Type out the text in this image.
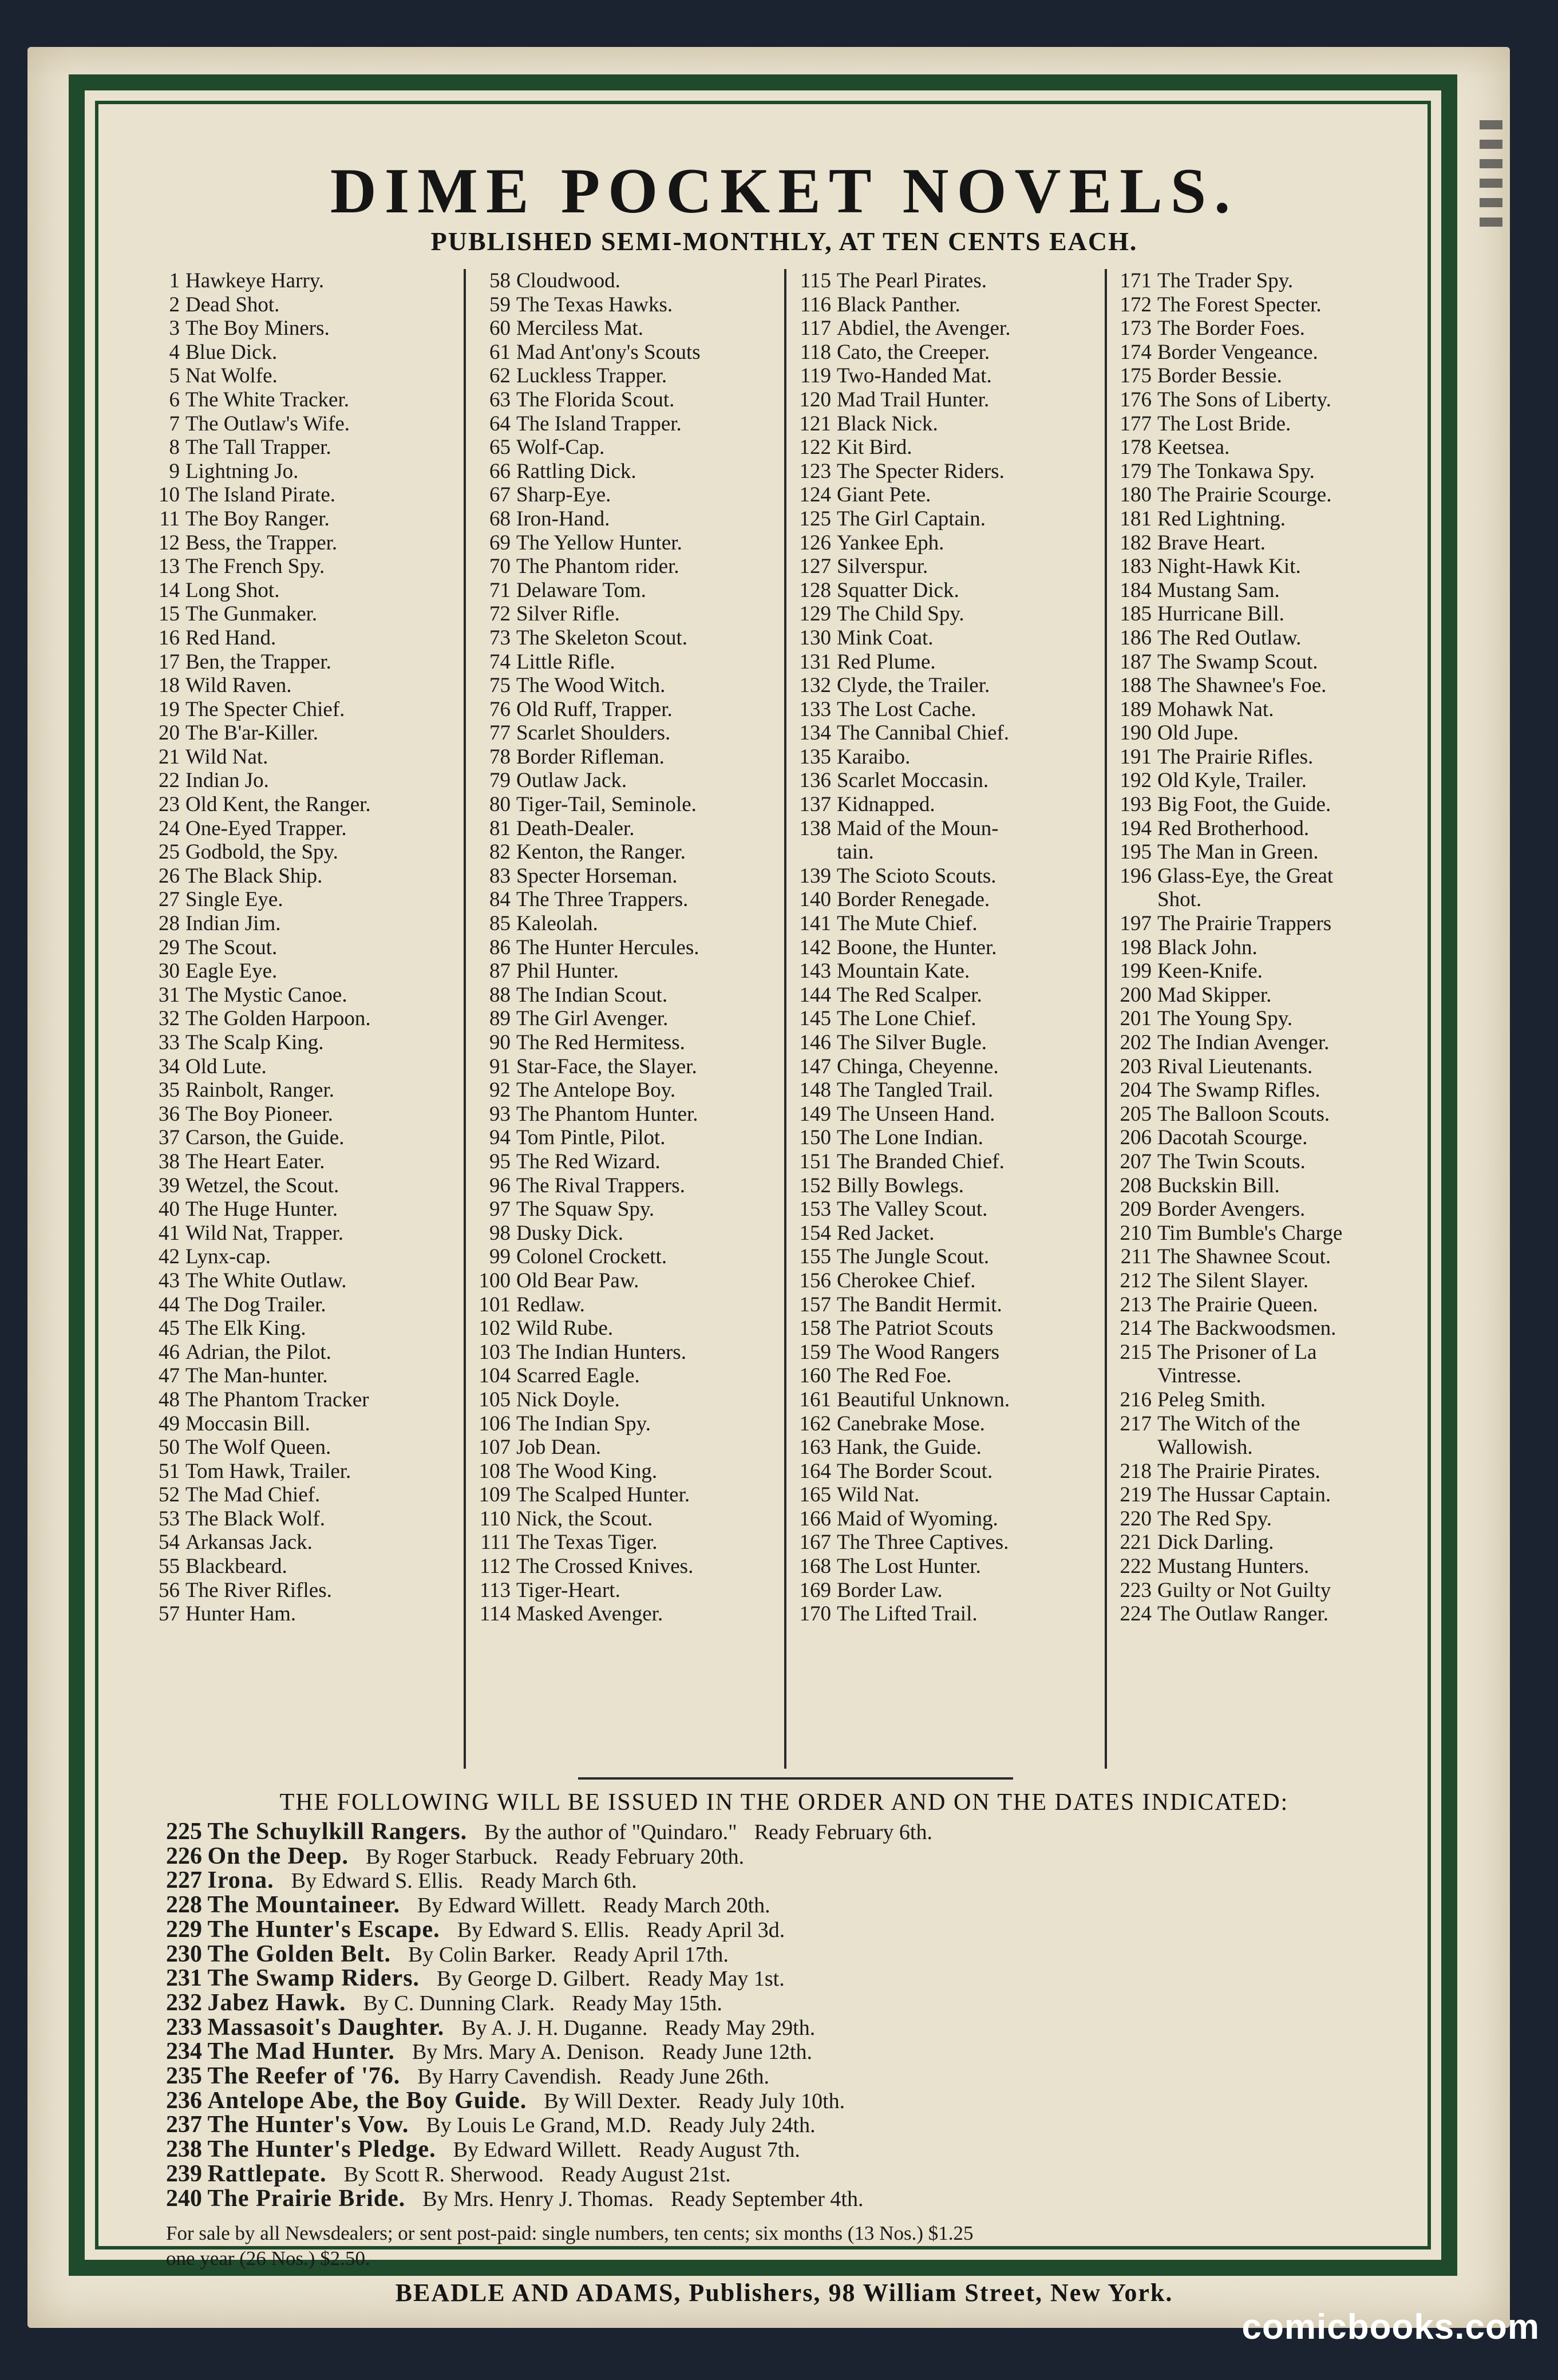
DIME POCKET NOVELS.
PUBLISHED SEMI-MONTHLY, AT TEN CENTS EACH.
1 Hawkeye Harry.
2 Dead Shot.
3 The Boy Miners.
4 Blue Dick.
5 Nat Wolfe.
6 The White Tracker.
7 The Outlaw's Wife.
8 The Tall Trapper.
9 Lightning Jo.
10 The Island Pirate.
11 The Boy Ranger.
12 Bess, the Trapper.
13 The French Spy.
14 Long Shot.
15 The Gunmaker.
16 Red Hand.
17 Ben, the Trapper.
18 Wild Raven.
19 The Specter Chief.
20 The B'ar-Killer.
21 Wild Nat.
22 Indian Jo.
23 Old Kent, the Ranger.
24 One-Eyed Trapper.
25 Godbold, the Spy.
26 The Black Ship.
27 Single Eye.
28 Indian Jim.
29 The Scout.
30 Eagle Eye.
31 The Mystic Canoe.
32 The Golden Harpoon.
33 The Scalp King.
34 Old Lute.
35 Rainbolt, Ranger.
36 The Boy Pioneer.
37 Carson, the Guide.
38 The Heart Eater.
39 Wetzel, the Scout.
40 The Huge Hunter.
41 Wild Nat, Trapper.
42 Lynx-cap.
43 The White Outlaw.
44 The Dog Trailer.
45 The Elk King.
46 Adrian, the Pilot.
47 The Man-hunter.
48 The Phantom Tracker
49 Moccasin Bill.
50 The Wolf Queen.
51 Tom Hawk, Trailer.
52 The Mad Chief.
53 The Black Wolf.
54 Arkansas Jack.
55 Blackbeard.
56 The River Rifles.
57 Hunter Ham.
58 Cloudwood.
59 The Texas Hawks.
60 Merciless Mat.
61 Mad Ant'ony's Scouts
62 Luckless Trapper.
63 The Florida Scout.
64 The Island Trapper.
65 Wolf-Cap.
66 Rattling Dick.
67 Sharp-Eye.
68 Iron-Hand.
69 The Yellow Hunter.
70 The Phantom rider.
71 Delaware Tom.
72 Silver Rifle.
73 The Skeleton Scout.
74 Little Rifle.
75 The Wood Witch.
76 Old Ruff, Trapper.
77 Scarlet Shoulders.
78 Border Rifleman.
79 Outlaw Jack.
80 Tiger-Tail, Seminole.
81 Death-Dealer.
82 Kenton, the Ranger.
83 Specter Horseman.
84 The Three Trappers.
85 Kaleolah.
86 The Hunter Hercules.
87 Phil Hunter.
88 The Indian Scout.
89 The Girl Avenger.
90 The Red Hermitess.
91 Star-Face, the Slayer.
92 The Antelope Boy.
93 The Phantom Hunter.
94 Tom Pintle, Pilot.
95 The Red Wizard.
96 The Rival Trappers.
97 The Squaw Spy.
98 Dusky Dick.
99 Colonel Crockett.
100 Old Bear Paw.
101 Redlaw.
102 Wild Rube.
103 The Indian Hunters.
104 Scarred Eagle.
105 Nick Doyle.
106 The Indian Spy.
107 Job Dean.
108 The Wood King.
109 The Scalped Hunter.
110 Nick, the Scout.
111 The Texas Tiger.
112 The Crossed Knives.
113 Tiger-Heart.
114 Masked Avenger.
115 The Pearl Pirates.
116 Black Panther.
117 Abdiel, the Avenger.
118 Cato, the Creeper.
119 Two-Handed Mat.
120 Mad Trail Hunter.
121 Black Nick.
122 Kit Bird.
123 The Specter Riders.
124 Giant Pete.
125 The Girl Captain.
126 Yankee Eph.
127 Silverspur.
128 Squatter Dick.
129 The Child Spy.
130 Mink Coat.
131 Red Plume.
132 Clyde, the Trailer.
133 The Lost Cache.
134 The Cannibal Chief.
135 Karaibo.
136 Scarlet Moccasin.
137 Kidnapped.
138 Maid of the Moun-
tain.
139 The Scioto Scouts.
140 Border Renegade.
141 The Mute Chief.
142 Boone, the Hunter.
143 Mountain Kate.
144 The Red Scalper.
145 The Lone Chief.
146 The Silver Bugle.
147 Chinga, Cheyenne.
148 The Tangled Trail.
149 The Unseen Hand.
150 The Lone Indian.
151 The Branded Chief.
152 Billy Bowlegs.
153 The Valley Scout.
154 Red Jacket.
155 The Jungle Scout.
156 Cherokee Chief.
157 The Bandit Hermit.
158 The Patriot Scouts
159 The Wood Rangers
160 The Red Foe.
161 Beautiful Unknown.
162 Canebrake Mose.
163 Hank, the Guide.
164 The Border Scout.
165 Wild Nat.
166 Maid of Wyoming.
167 The Three Captives.
168 The Lost Hunter.
169 Border Law.
170 The Lifted Trail.
171 The Trader Spy.
172 The Forest Specter.
173 The Border Foes.
174 Border Vengeance.
175 Border Bessie.
176 The Sons of Liberty.
177 The Lost Bride.
178 Keetsea.
179 The Tonkawa Spy.
180 The Prairie Scourge.
181 Red Lightning.
182 Brave Heart.
183 Night-Hawk Kit.
184 Mustang Sam.
185 Hurricane Bill.
186 The Red Outlaw.
187 The Swamp Scout.
188 The Shawnee's Foe.
189 Mohawk Nat.
190 Old Jupe.
191 The Prairie Rifles.
192 Old Kyle, Trailer.
193 Big Foot, the Guide.
194 Red Brotherhood.
195 The Man in Green.
196 Glass-Eye, the Great
Shot.
197 The Prairie Trappers
198 Black John.
199 Keen-Knife.
200 Mad Skipper.
201 The Young Spy.
202 The Indian Avenger.
203 Rival Lieutenants.
204 The Swamp Rifles.
205 The Balloon Scouts.
206 Dacotah Scourge.
207 The Twin Scouts.
208 Buckskin Bill.
209 Border Avengers.
210 Tim Bumble's Charge
211 The Shawnee Scout.
212 The Silent Slayer.
213 The Prairie Queen.
214 The Backwoodsmen.
215 The Prisoner of La
Vintresse.
216 Peleg Smith.
217 The Witch of the
Wallowish.
218 The Prairie Pirates.
219 The Hussar Captain.
220 The Red Spy.
221 Dick Darling.
222 Mustang Hunters.
223 Guilty or Not Guilty
224 The Outlaw Ranger.
THE FOLLOWING WILL BE ISSUED IN THE ORDER AND ON THE DATES INDICATED:
225 The Schuylkill Rangers. By the author of "Quindaro." Ready February 6th.
226 On the Deep. By Roger Starbuck. Ready February 20th.
227 Irona. By Edward S. Ellis. Ready March 6th.
228 The Mountaineer. By Edward Willett. Ready March 20th.
229 The Hunter's Escape. By Edward S. Ellis. Ready April 3d.
230 The Golden Belt. By Colin Barker. Ready April 17th.
231 The Swamp Riders. By George D. Gilbert. Ready May 1st.
232 Jabez Hawk. By C. Dunning Clark. Ready May 15th.
233 Massasoit's Daughter. By A. J. H. Duganne. Ready May 29th.
234 The Mad Hunter. By Mrs. Mary A. Denison. Ready June 12th.
235 The Reefer of '76. By Harry Cavendish. Ready June 26th.
236 Antelope Abe, the Boy Guide. By Will Dexter. Ready July 10th.
237 The Hunter's Vow. By Louis Le Grand, M.D. Ready July 24th.
238 The Hunter's Pledge. By Edward Willett. Ready August 7th.
239 Rattlepate. By Scott R. Sherwood. Ready August 21st.
240 The Prairie Bride. By Mrs. Henry J. Thomas. Ready September 4th.
For sale by all Newsdealers; or sent post-paid: single numbers, ten cents; six months (13 Nos.) $1.25
one year (26 Nos.) $2.50.
BEADLE AND ADAMS, Publishers, 98 William Street, New York.
comicbooks.com
